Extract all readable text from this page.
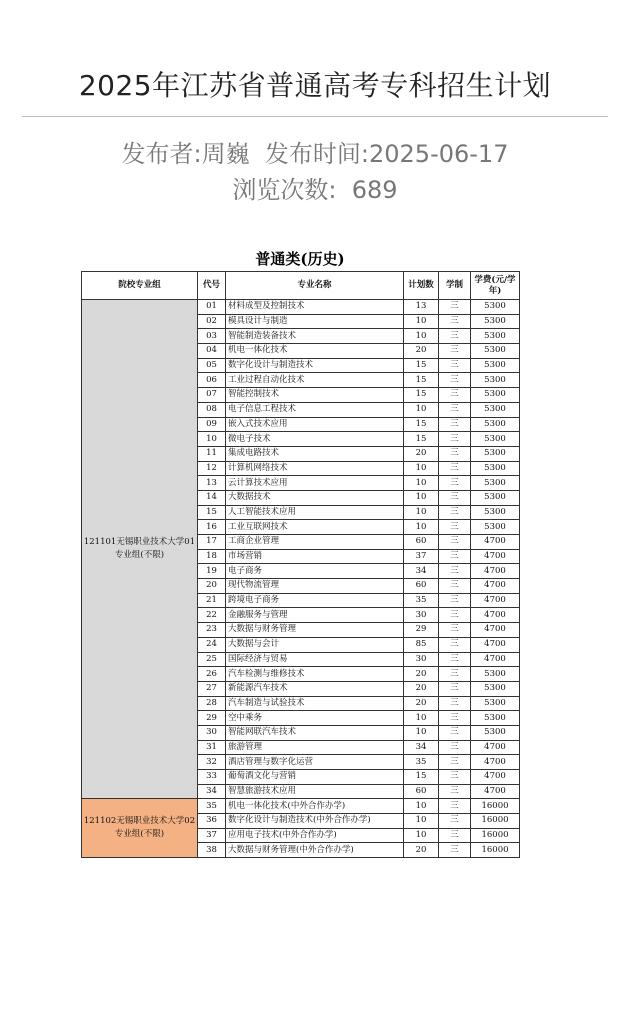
2025年江苏省普通高考专科招生计划
发布者:周巍 发布时间:2025-06-17
浏览次数: 689
普通类(历史)
院校专业组	代号	专业名称	计划数	学制	学费(元/学年)
121101无锡职业技术大学01专业组(不限)	01	材料成型及控制技术	13	三	5300
	02	模具设计与制造	10	三	5300
	03	智能制造装备技术	10	三	5300
	04	机电一体化技术	20	三	5300
	05	数字化设计与制造技术	15	三	5300
	06	工业过程自动化技术	15	三	5300
	07	智能控制技术	15	三	5300
	08	电子信息工程技术	10	三	5300
	09	嵌入式技术应用	15	三	5300
	10	微电子技术	15	三	5300
	11	集成电路技术	20	三	5300
	12	计算机网络技术	10	三	5300
	13	云计算技术应用	10	三	5300
	14	大数据技术	10	三	5300
	15	人工智能技术应用	10	三	5300
	16	工业互联网技术	10	三	5300
	17	工商企业管理	60	三	4700
	18	市场营销	37	三	4700
	19	电子商务	34	三	4700
	20	现代物流管理	60	三	4700
	21	跨境电子商务	35	三	4700
	22	金融服务与管理	30	三	4700
	23	大数据与财务管理	29	三	4700
	24	大数据与会计	85	三	4700
	25	国际经济与贸易	30	三	4700
	26	汽车检测与维修技术	20	三	5300
	27	新能源汽车技术	20	三	5300
	28	汽车制造与试验技术	20	三	5300
	29	空中乘务	10	三	5300
	30	智能网联汽车技术	10	三	5300
	31	旅游管理	34	三	4700
	32	酒店管理与数字化运营	35	三	4700
	33	葡萄酒文化与营销	15	三	4700
	34	智慧旅游技术应用	60	三	4700
121102无锡职业技术大学02专业组(不限)	35	机电一体化技术(中外合作办学)	10	三	16000
	36	数字化设计与制造技术(中外合作办学)	10	三	16000
	37	应用电子技术(中外合作办学)	10	三	16000
	38	大数据与财务管理(中外合作办学)	20	三	16000
